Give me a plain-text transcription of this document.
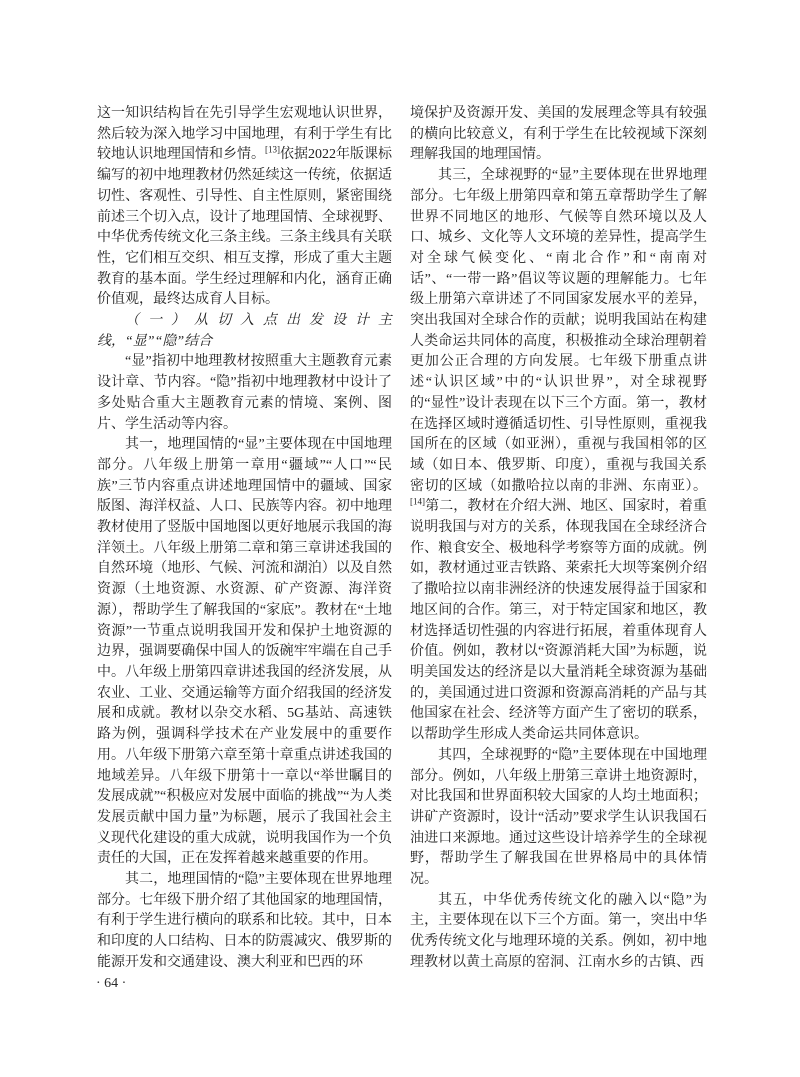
这一知识结构旨在先引导学生宏观地认识世界，然后较为深入地学习中国地理，有利于学生有比较地认识地理国情和乡情。[13]依据2022年版课标编写的初中地理教材仍然延续这一传统，依据适切性、客观性、引导性、自主性原则，紧密围绕前述三个切入点，设计了地理国情、全球视野、中华优秀传统文化三条主线。三条主线具有关联性，它们相互交织、相互支撑，形成了重大主题教育的基本面。学生经过理解和内化，涵育正确价值观，最终达成育人目标。

（一）从切入点出发设计主线，“显”“隐”结合

“显”指初中地理教材按照重大主题教育元素设计章、节内容。“隐”指初中地理教材中设计了多处贴合重大主题教育元素的情境、案例、图片、学生活动等内容。

其一，地理国情的“显”主要体现在中国地理部分。八年级上册第一章用“疆域”“人口”“民族”三节内容重点讲述地理国情中的疆域、国家版图、海洋权益、人口、民族等内容。初中地理教材使用了竖版中国地图以更好地展示我国的海洋领土。八年级上册第二章和第三章讲述我国的自然环境（地形、气候、河流和湖泊）以及自然资源（土地资源、水资源、矿产资源、海洋资源），帮助学生了解我国的“家底”。教材在“土地资源”一节重点说明我国开发和保护土地资源的边界，强调要确保中国人的饭碗牢牢端在自己手中。八年级上册第四章讲述我国的经济发展，从农业、工业、交通运输等方面介绍我国的经济发展和成就。教材以杂交水稻、5G基站、高速铁路为例，强调科学技术在产业发展中的重要作用。八年级下册第六章至第十章重点讲述我国的地域差异。八年级下册第十一章以“举世瞩目的发展成就”“积极应对发展中面临的挑战”“为人类发展贡献中国力量”为标题，展示了我国社会主义现代化建设的重大成就，说明我国作为一个负责任的大国，正在发挥着越来越重要的作用。

其二，地理国情的“隐”主要体现在世界地理部分。七年级下册介绍了其他国家的地理国情，有利于学生进行横向的联系和比较。其中，日本和印度的人口结构、日本的防震减灾、俄罗斯的能源开发和交通建设、澳大利亚和巴西的环

境保护及资源开发、美国的发展理念等具有较强的横向比较意义，有利于学生在比较视域下深刻理解我国的地理国情。

其三，全球视野的“显”主要体现在世界地理部分。七年级上册第四章和第五章帮助学生了解世界不同地区的地形、气候等自然环境以及人口、城乡、文化等人文环境的差异性，提高学生对全球气候变化、“南北合作”和“南南对话”、“一带一路”倡议等议题的理解能力。七年级上册第六章讲述了不同国家发展水平的差异，突出我国对全球合作的贡献；说明我国站在构建人类命运共同体的高度，积极推动全球治理朝着更加公正合理的方向发展。七年级下册重点讲述“认识区域”中的“认识世界”，对全球视野的“显性”设计表现在以下三个方面。第一，教材在选择区域时遵循适切性、引导性原则，重视我国所在的区域（如亚洲），重视与我国相邻的区域（如日本、俄罗斯、印度），重视与我国关系密切的区域（如撒哈拉以南的非洲、东南亚）。[14]第二，教材在介绍大洲、地区、国家时，着重说明我国与对方的关系，体现我国在全球经济合作、粮食安全、极地科学考察等方面的成就。例如，教材通过亚吉铁路、莱索托大坝等案例介绍了撒哈拉以南非洲经济的快速发展得益于国家和地区间的合作。第三，对于特定国家和地区，教材选择适切性强的内容进行拓展，着重体现育人价值。例如，教材以“资源消耗大国”为标题，说明美国发达的经济是以大量消耗全球资源为基础的，美国通过进口资源和资源高消耗的产品与其他国家在社会、经济等方面产生了密切的联系，以帮助学生形成人类命运共同体意识。

其四，全球视野的“隐”主要体现在中国地理部分。例如，八年级上册第三章讲土地资源时，对比我国和世界面积较大国家的人均土地面积；讲矿产资源时，设计“活动”要求学生认识我国石油进口来源地。通过这些设计培养学生的全球视野，帮助学生了解我国在世界格局中的具体情况。

其五，中华优秀传统文化的融入以“隐”为主，主要体现在以下三个方面。第一，突出中华优秀传统文化与地理环境的关系。例如，初中地理教材以黄土高原的窑洞、江南水乡的古镇、西

· 64 ·
